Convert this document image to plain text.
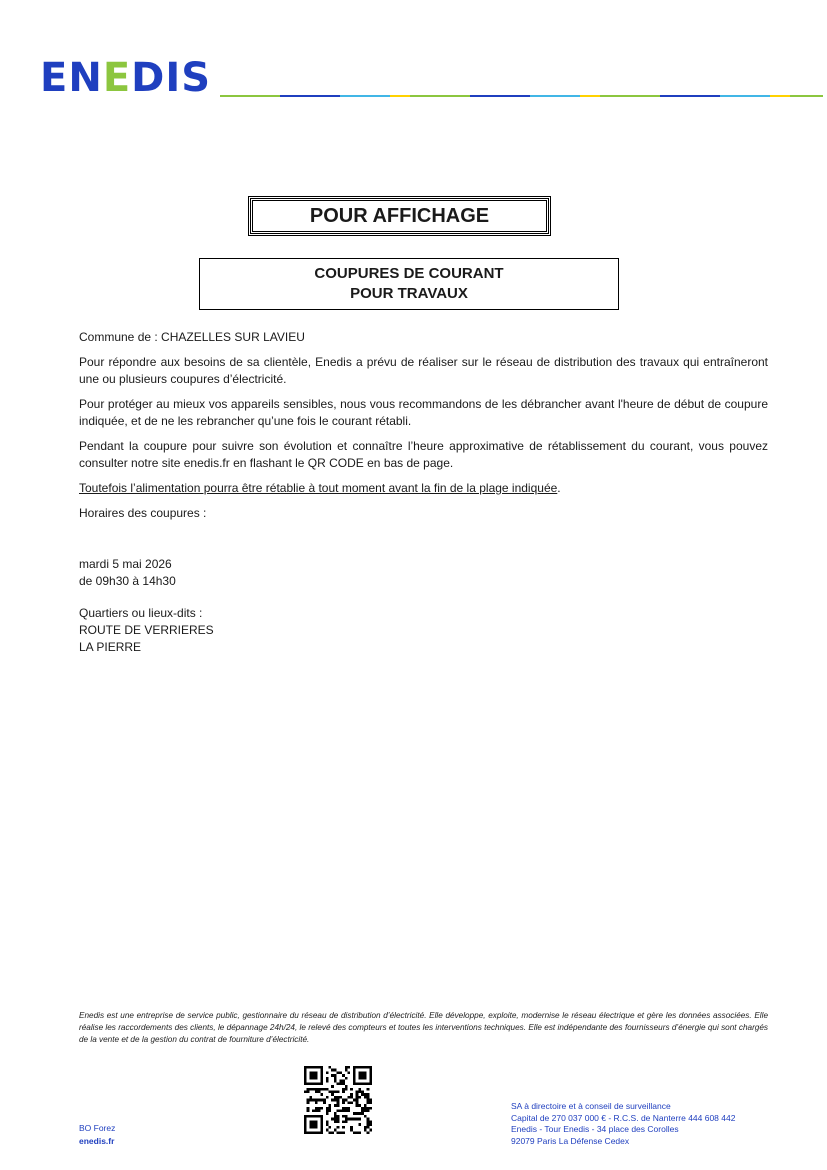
ENEDIS
POUR AFFICHAGE
COUPURES DE COURANT
POUR TRAVAUX

Commune de : CHAZELLES SUR LAVIEU

Pour répondre aux besoins de sa clientèle, Enedis a prévu de réaliser sur le réseau de distribution des travaux qui entraîneront une ou plusieurs coupures d’électricité.

Pour protéger au mieux vos appareils sensibles, nous vous recommandons de les débrancher avant l'heure de début de coupure indiquée, et de ne les rebrancher qu’une fois le courant rétabli.

Pendant la coupure pour suivre son évolution et connaître l’heure approximative de rétablissement du courant, vous pouvez consulter notre site enedis.fr en flashant le QR CODE en bas de page.

Toutefois l’alimentation pourra être rétablie à tout moment avant la fin de la plage indiquée.

Horaires des coupures :

mardi 5 mai 2026

de 09h30 à 14h30

Quartiers ou lieux-dits :

ROUTE DE VERRIERES

LA PIERRE

Enedis est une entreprise de service public, gestionnaire du réseau de distribution d’électricité. Elle développe, exploite, modernise le réseau électrique et gère les données associées. Elle réalise les raccordements des clients, le dépannage 24h/24, le relevé des compteurs et toutes les interventions techniques. Elle est indépendante des fournisseurs d’énergie qui sont chargés de la vente et de la gestion du contrat de fourniture d’électricité.
SA à directoire et à conseil de surveillance
Capital de 270 037 000 € - R.C.S. de Nanterre 444 608 442
Enedis - Tour Enedis - 34 place des Corolles
92079 Paris La Défense Cedex
BO Forez
enedis.fr
